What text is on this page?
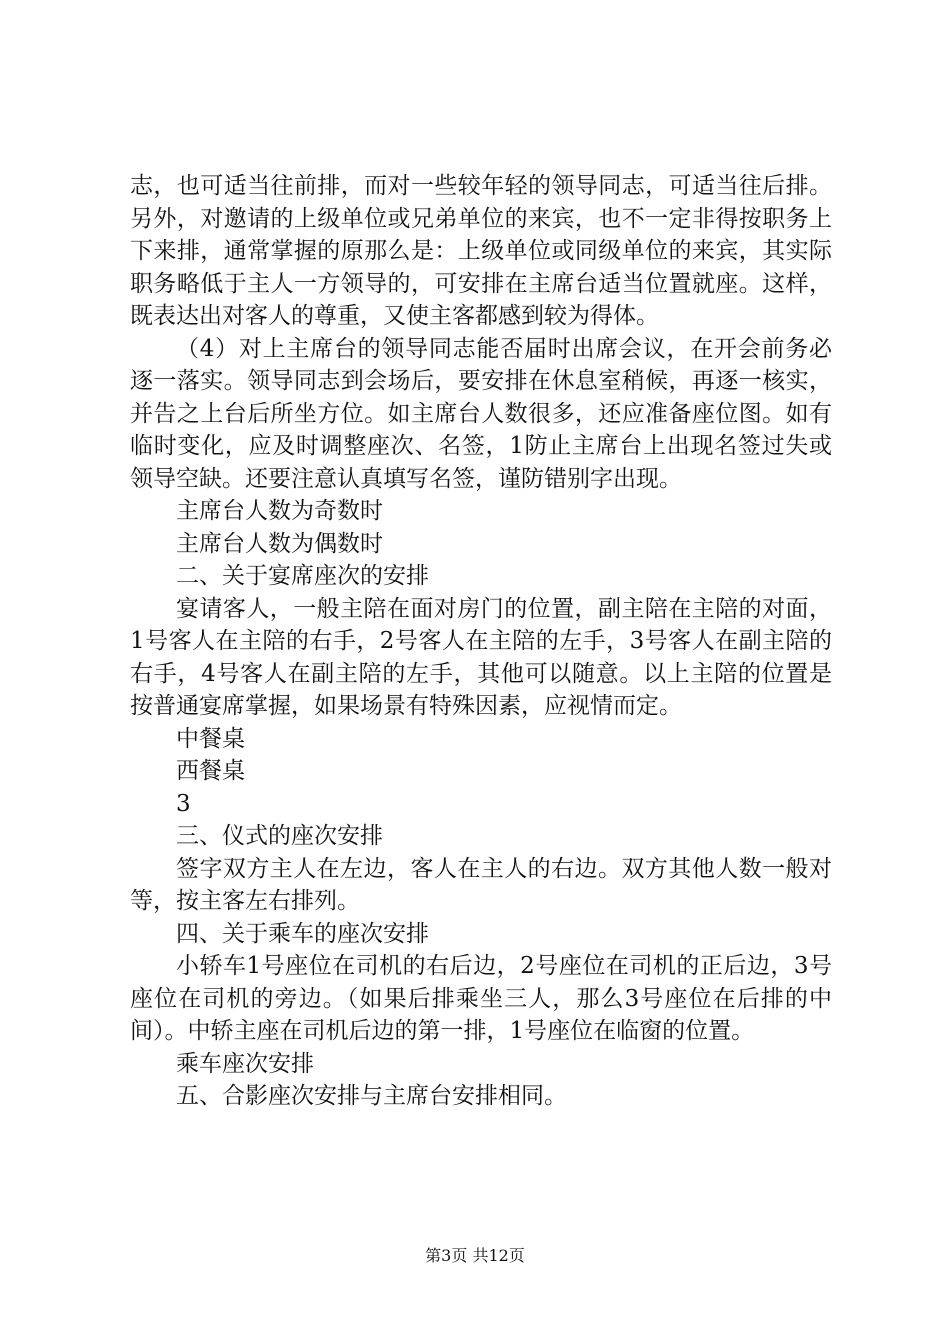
志，也可适当往前排，而对一些较年轻的领导同志，可适当往后排。另外，对邀请的上级单位或兄弟单位的来宾，也不一定非得按职务上下来排，通常掌握的原那么是：上级单位或同级单位的来宾，其实际职务略低于主人一方领导的，可安排在主席台适当位置就座。这样，既表达出对客人的尊重，又使主客都感到较为得体。

（4）对上主席台的领导同志能否届时出席会议，在开会前务必逐一落实。领导同志到会场后，要安排在休息室稍候，再逐一核实，并告之上台后所坐方位。如主席台人数很多，还应准备座位图。如有临时变化，应及时调整座次、名签，1防止主席台上出现名签过失或领导空缺。还要注意认真填写名签，谨防错别字出现。

主席台人数为奇数时

主席台人数为偶数时

二、关于宴席座次的安排

宴请客人，一般主陪在面对房门的位置，副主陪在主陪的对面，1号客人在主陪的右手，2号客人在主陪的左手，3号客人在副主陪的右手，4号客人在副主陪的左手，其他可以随意。以上主陪的位置是按普通宴席掌握，如果场景有特殊因素，应视情而定。

中餐桌

西餐桌

3

三、仪式的座次安排

签字双方主人在左边，客人在主人的右边。双方其他人数一般对等，按主客左右排列。

四、关于乘车的座次安排

小轿车1号座位在司机的右后边，2号座位在司机的正后边，3号座位在司机的旁边。（如果后排乘坐三人，那么3号座位在后排的中间）。中轿主座在司机后边的第一排，1号座位在临窗的位置。

乘车座次安排

五、合影座次安排与主席台安排相同。

第3页 共12页
